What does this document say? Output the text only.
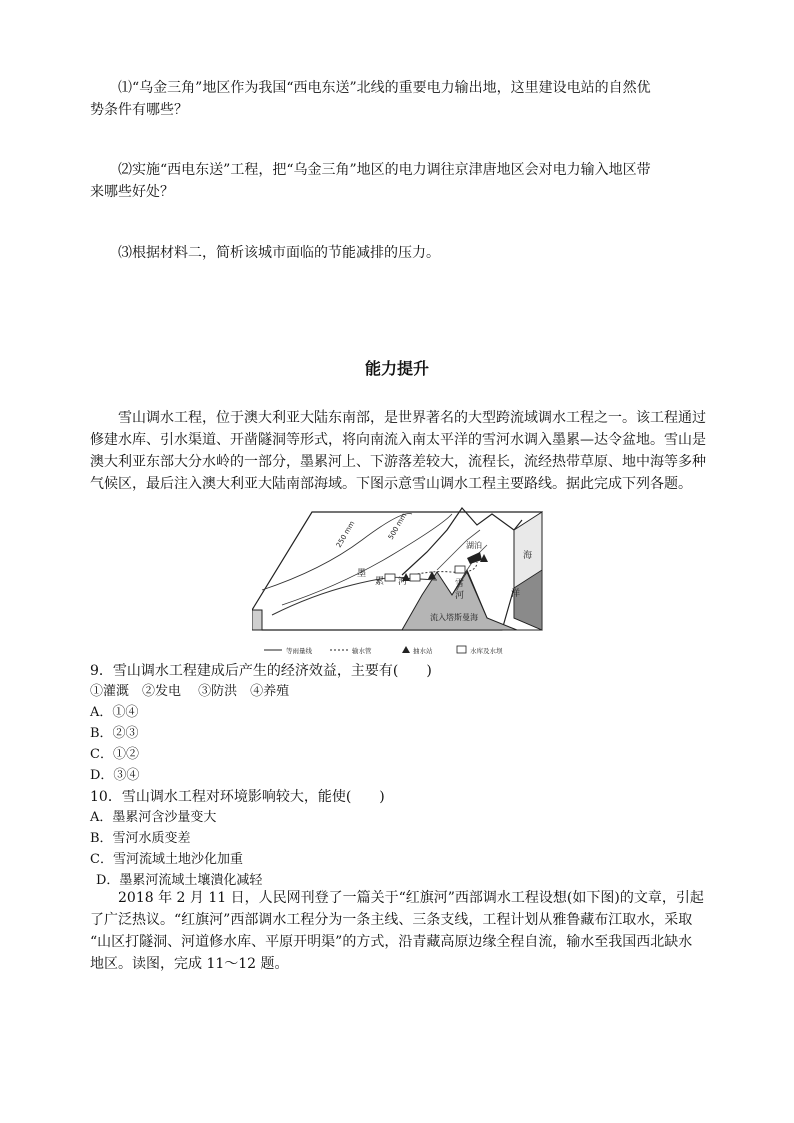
⑴“乌金三角”地区作为我国“西电东送”北线的重要电力输出地，这里建设电站的自然优
势条件有哪些？
⑵实施“西电东送”工程，把“乌金三角”地区的电力调往京津唐地区会对电力输入地区带
来哪些好处？
⑶根据材料二，简析该城市面临的节能减排的压力。
能力提升
雪山调水工程，位于澳大利亚大陆东南部，是世界著名的大型跨流域调水工程之一。该工程通过
修建水库、引水渠道、开凿隧洞等形式，将向南流入南太平洋的雪河水调入墨累—达令盆地。雪山是
澳大利亚东部大分水岭的一部分，墨累河上、下游落差较大，流程长，流经热带草原、地中海等多种
气候区，最后注入澳大利亚大陆南部海域。下图示意雪山调水工程主要路线。据此完成下列各题。
250 mm	500 mm
湖泊
海
洋
墨
累 河	雪
河
流入塔斯曼海
等雨量线	输水管	抽水站	水库及水坝
9．雪山调水工程建成后产生的经济效益，主要有(　　)
①灌溉　②发电　 ③防洪　④养殖
A．①④
B．②③
C．①②
D．③④
10．雪山调水工程对环境影响较大，能使(　　)
A．墨累河含沙量变大
B．雪河水质变差
C．雪河流域土地沙化加重
D．墨累河流域土壤潰化减轻
2018 年 2 月 11 日，人民网刊登了一篇关于“红旗河”西部调水工程设想(如下图)的文章，引起
了广泛热议。“红旗河”西部调水工程分为一条主线、三条支线，工程计划从雅鲁藏布江取水，采取
“山区打隧洞、河道修水库、平原开明渠”的方式，沿青藏高原边缘全程自流，输水至我国西北缺水
地区。读图，完成 11～12 题。
